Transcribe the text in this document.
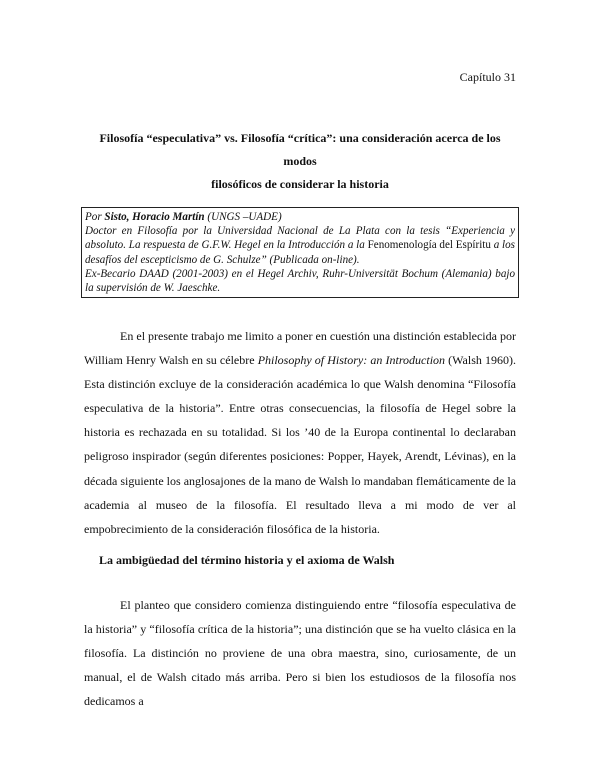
Capítulo 31
Filosofía “especulativa” vs. Filosofía “crítica”: una consideración acerca de los modos
filosóficos de considerar la historia
Por Sisto, Horacio Martín (UNGS –UADE)
Doctor en Filosofía por la Universidad Nacional de La Plata con la tesis “Experiencia y absoluto. La respuesta de G.F.W. Hegel en la Introducción a la Fenomenología del Espíritu a los desafíos del escepticismo de G. Schulze” (Publicada on-line).
Ex-Becario DAAD (2001-2003) en el Hegel Archiv, Ruhr-Universität Bochum (Alemania) bajo la supervisión de W. Jaeschke.
En el presente trabajo me limito a poner en cuestión una distinción establecida por William Henry Walsh en su célebre Philosophy of History: an Introduction (Walsh 1960). Esta distinción excluye de la consideración académica lo que Walsh denomina “Filosofía especulativa de la historia”. Entre otras consecuencias, la filosofía de Hegel sobre la historia es rechazada en su totalidad. Si los ’40 de la Europa continental lo declaraban peligroso inspirador (según diferentes posiciones: Popper, Hayek, Arendt, Lévinas), en la década siguiente los anglosajones de la mano de Walsh lo mandaban flemáticamente de la academia al museo de la filosofía. El resultado lleva a mi modo de ver al empobrecimiento de la consideración filosófica de la historia.
La ambigüedad del término historia y el axioma de Walsh
El planteo que considero comienza distinguiendo entre “filosofía especulativa de la historia” y “filosofía crítica de la historia”; una distinción que se ha vuelto clásica en la filosofía. La distinción no proviene de una obra maestra, sino, curiosamente, de un manual, el de Walsh citado más arriba. Pero si bien los estudiosos de la filosofía nos dedicamos a
